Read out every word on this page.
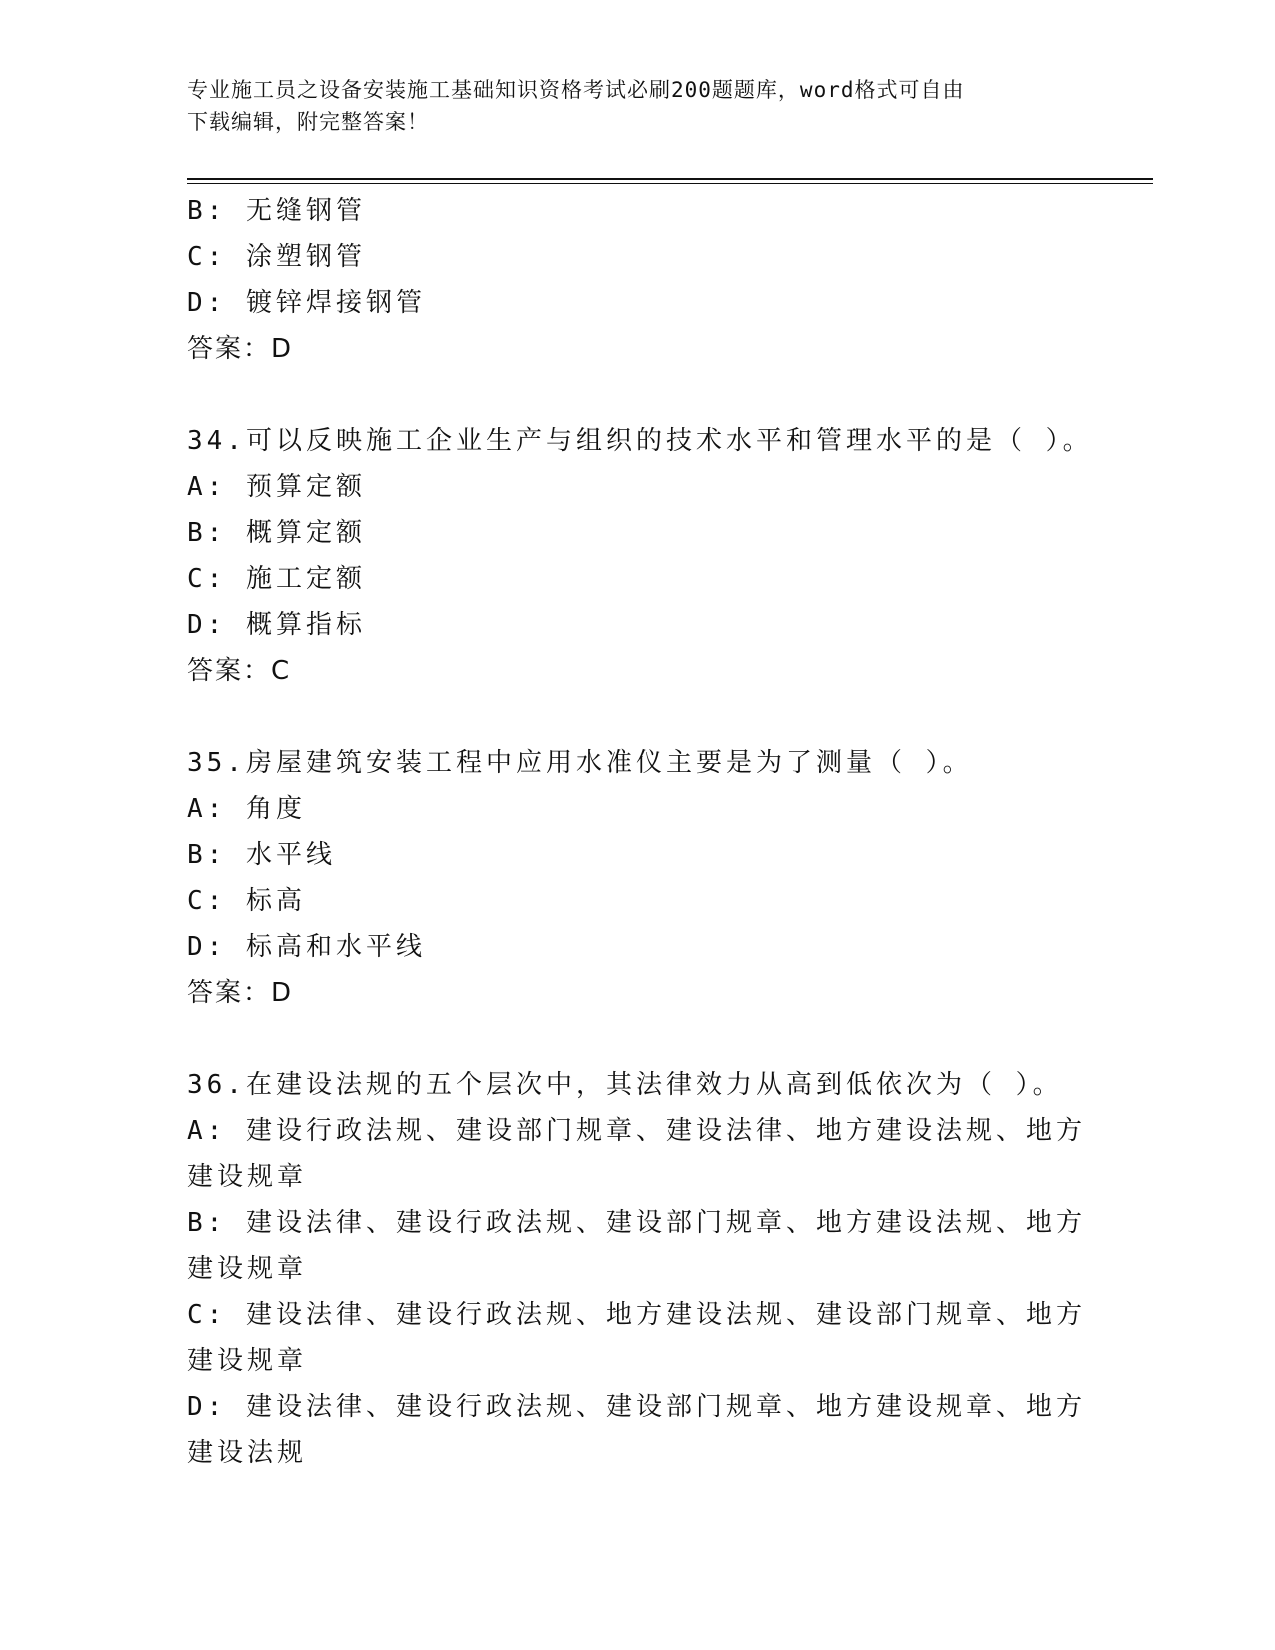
专业施工员之设备安装施工基础知识资格考试必刷200题题库，word格式可自由
下载编辑，附完整答案！
B: 无缝钢管
C: 涂塑钢管
D: 镀锌焊接钢管
答案：D
34.可以反映施工企业生产与组织的技术水平和管理水平的是（ ）。
A: 预算定额
B: 概算定额
C: 施工定额
D: 概算指标
答案：C
35.房屋建筑安装工程中应用水准仪主要是为了测量（ ）。
A: 角度
B: 水平线
C: 标高
D: 标高和水平线
答案：D
36.在建设法规的五个层次中，其法律效力从高到低依次为（ ）。
A: 建设行政法规、建设部门规章、建设法律、地方建设法规、地方建设规章
B: 建设法律、建设行政法规、建设部门规章、地方建设法规、地方建设规章
C: 建设法律、建设行政法规、地方建设法规、建设部门规章、地方建设规章
D: 建设法律、建设行政法规、建设部门规章、地方建设规章、地方建设法规
